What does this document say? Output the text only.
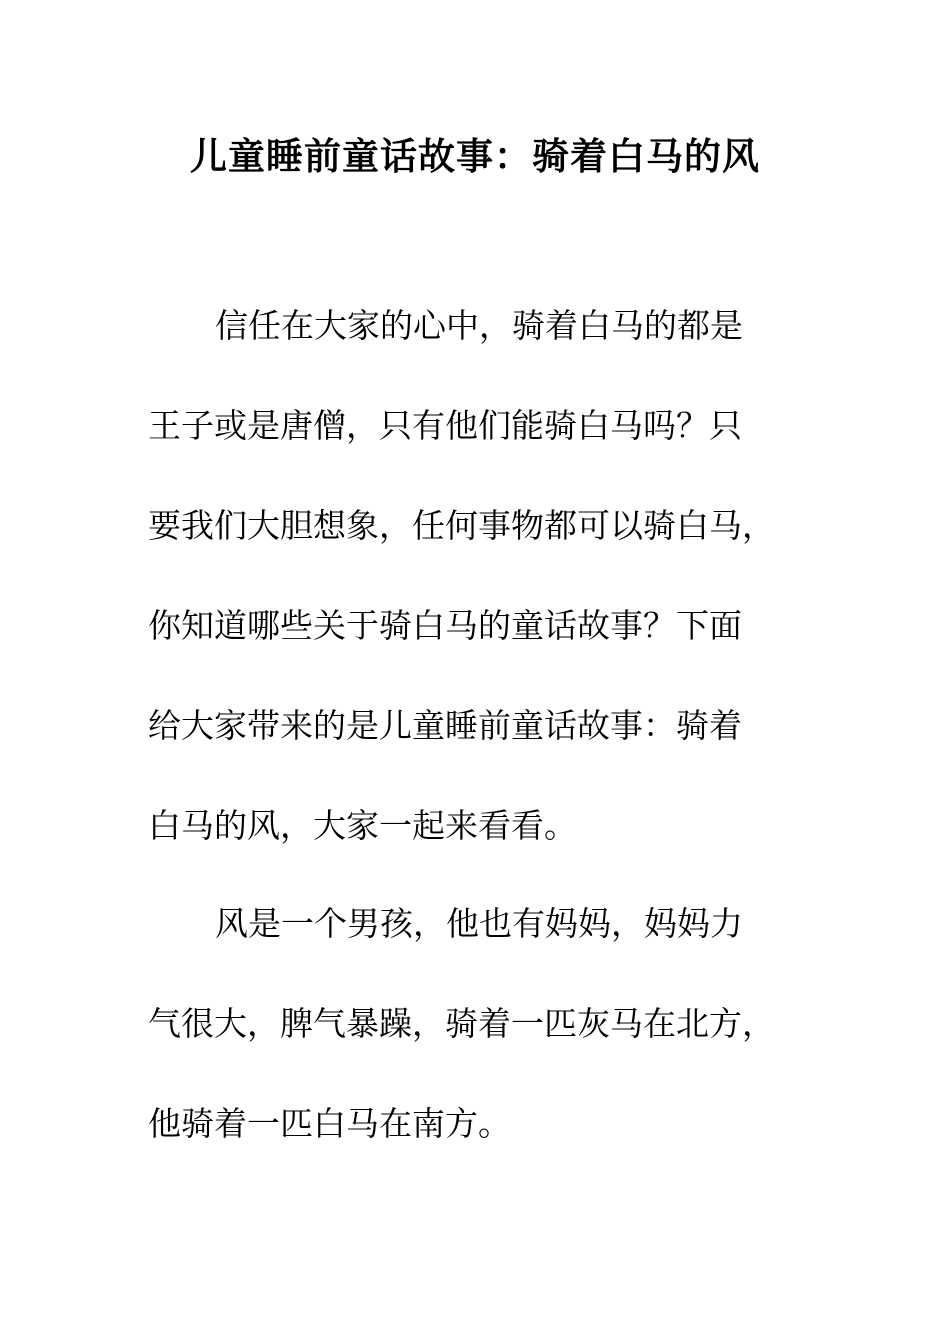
儿童睡前童话故事：骑着白马的风

信任在大家的心中，骑着白马的都是

王子或是唐僧，只有他们能骑白马吗？只

要我们大胆想象，任何事物都可以骑白马，

你知道哪些关于骑白马的童话故事？下面

给大家带来的是儿童睡前童话故事：骑着

白马的风，大家一起来看看。

风是一个男孩，他也有妈妈，妈妈力

气很大，脾气暴躁，骑着一匹灰马在北方，

他骑着一匹白马在南方。
